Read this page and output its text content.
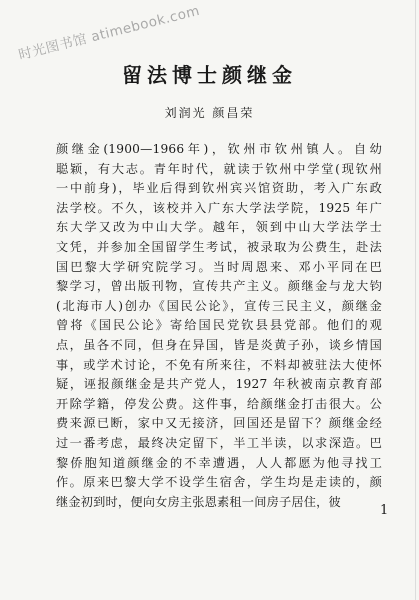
时光图书馆 atimebook.com
留法博士颜继金
刘润光 颜昌荣
颜继金(1900—1966年)，钦州市钦州镇人。自幼
聪颖，有大志。青年时代，就读于钦州中学堂(现钦州
一中前身)，毕业后得到钦州宾兴馆资助，考入广东政
法学校。不久，该校并入广东大学法学院，1925 年广
东大学又改为中山大学。越年，领到中山大学法学士
文凭，并参加全国留学生考试，被录取为公费生，赴法
国巴黎大学研究院学习。当时周恩来、邓小平同在巴
黎学习，曾出版刊物，宣传共产主义。颜继金与龙大钧
(北海市人)创办《国民公论》，宣传三民主义，颜继金
曾将《国民公论》寄给国民党钦县县党部。他们的观
点，虽各不同，但身在异国，皆是炎黄子孙，谈乡情国
事，或学术讨论，不免有所来往，不料却被驻法大使怀
疑，诬报颜继金是共产党人，1927 年秋被南京教育部
开除学籍，停发公费。这件事，给颜继金打击很大。公
费来源已断，家中又无接济，回国还是留下？颜继金经
过一番考虑，最终决定留下，半工半读，以求深造。巴
黎侨胞知道颜继金的不幸遭遇，人人都愿为他寻找工
作。原来巴黎大学不设学生宿舍，学生均是走读的，颜
继金初到时，便向女房主张恩素租一间房子居住，彼
1
